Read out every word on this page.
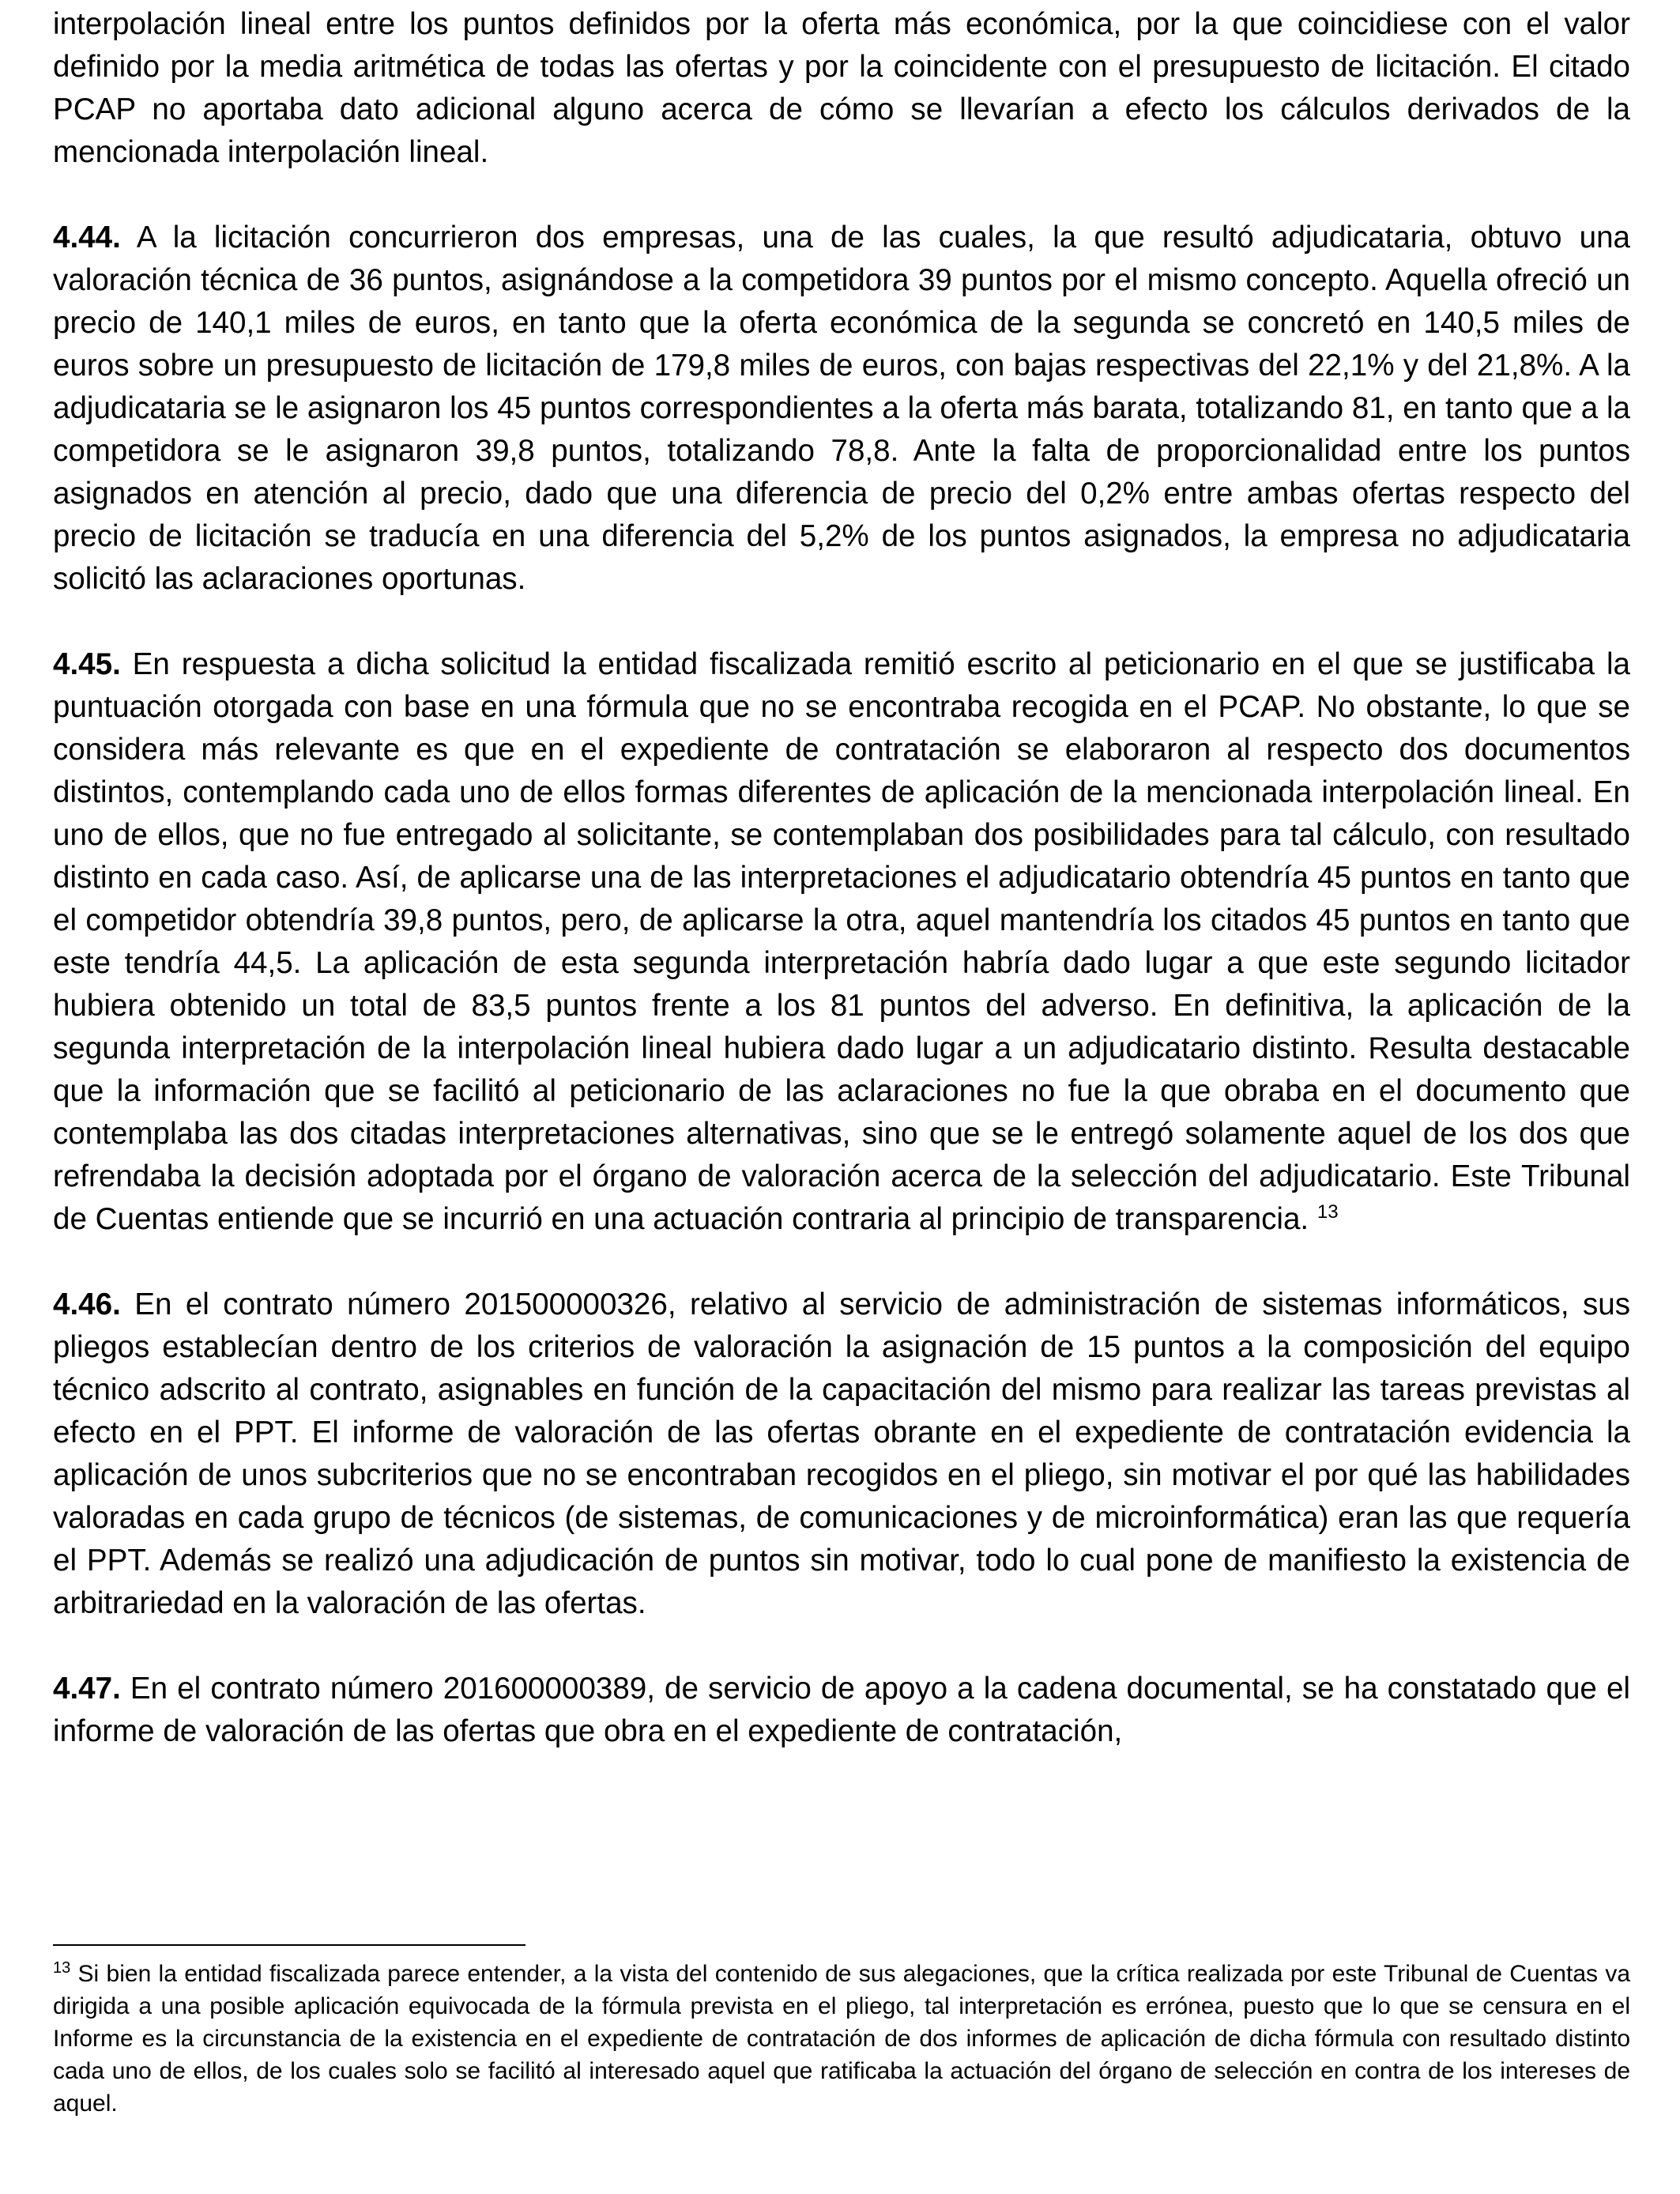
interpolación lineal entre los puntos definidos por la oferta más económica, por la que coincidiese con el valor definido por la media aritmética de todas las ofertas y por la coincidente con el presupuesto de licitación. El citado PCAP no aportaba dato adicional alguno acerca de cómo se llevarían a efecto los cálculos derivados de la mencionada interpolación lineal.

4.44. A la licitación concurrieron dos empresas, una de las cuales, la que resultó adjudicataria, obtuvo una valoración técnica de 36 puntos, asignándose a la competidora 39 puntos por el mismo concepto. Aquella ofreció un precio de 140,1 miles de euros, en tanto que la oferta económica de la segunda se concretó en 140,5 miles de euros sobre un presupuesto de licitación de 179,8 miles de euros, con bajas respectivas del 22,1% y del 21,8%. A la adjudicataria se le asignaron los 45 puntos correspondientes a la oferta más barata, totalizando 81, en tanto que a la competidora se le asignaron 39,8 puntos, totalizando 78,8. Ante la falta de proporcionalidad entre los puntos asignados en atención al precio, dado que una diferencia de precio del 0,2% entre ambas ofertas respecto del precio de licitación se traducía en una diferencia del 5,2% de los puntos asignados, la empresa no adjudicataria solicitó las aclaraciones oportunas.

4.45. En respuesta a dicha solicitud la entidad fiscalizada remitió escrito al peticionario en el que se justificaba la puntuación otorgada con base en una fórmula que no se encontraba recogida en el PCAP. No obstante, lo que se considera más relevante es que en el expediente de contratación se elaboraron al respecto dos documentos distintos, contemplando cada uno de ellos formas diferentes de aplicación de la mencionada interpolación lineal. En uno de ellos, que no fue entregado al solicitante, se contemplaban dos posibilidades para tal cálculo, con resultado distinto en cada caso. Así, de aplicarse una de las interpretaciones el adjudicatario obtendría 45 puntos en tanto que el competidor obtendría 39,8 puntos, pero, de aplicarse la otra, aquel mantendría los citados 45 puntos en tanto que este tendría 44,5. La aplicación de esta segunda interpretación habría dado lugar a que este segundo licitador hubiera obtenido un total de 83,5 puntos frente a los 81 puntos del adverso. En definitiva, la aplicación de la segunda interpretación de la interpolación lineal hubiera dado lugar a un adjudicatario distinto. Resulta destacable que la información que se facilitó al peticionario de las aclaraciones no fue la que obraba en el documento que contemplaba las dos citadas interpretaciones alternativas, sino que se le entregó solamente aquel de los dos que refrendaba la decisión adoptada por el órgano de valoración acerca de la selección del adjudicatario. Este Tribunal de Cuentas entiende que se incurrió en una actuación contraria al principio de transparencia. $^{13}$

4.46. En el contrato número 201500000326, relativo al servicio de administración de sistemas informáticos, sus pliegos establecían dentro de los criterios de valoración la asignación de 15 puntos a la composición del equipo técnico adscrito al contrato, asignables en función de la capacitación del mismo para realizar las tareas previstas al efecto en el PPT. El informe de valoración de las ofertas obrante en el expediente de contratación evidencia la aplicación de unos subcriterios que no se encontraban recogidos en el pliego, sin motivar el por qué las habilidades valoradas en cada grupo de técnicos (de sistemas, de comunicaciones y de microinformática) eran las que requería el PPT. Además se realizó una adjudicación de puntos sin motivar, todo lo cual pone de manifiesto la existencia de arbitrariedad en la valoración de las ofertas.

4.47. En el contrato número 201600000389, de servicio de apoyo a la cadena documental, se ha constatado que el informe de valoración de las ofertas que obra en el expediente de contratación,

$^{13}$ Si bien la entidad fiscalizada parece entender, a la vista del contenido de sus alegaciones, que la crítica realizada por este Tribunal de Cuentas va dirigida a una posible aplicación equivocada de la fórmula prevista en el pliego, tal interpretación es errónea, puesto que lo que se censura en el Informe es la circunstancia de la existencia en el expediente de contratación de dos informes de aplicación de dicha fórmula con resultado distinto cada uno de ellos, de los cuales solo se facilitó al interesado aquel que ratificaba la actuación del órgano de selección en contra de los intereses de aquel.
